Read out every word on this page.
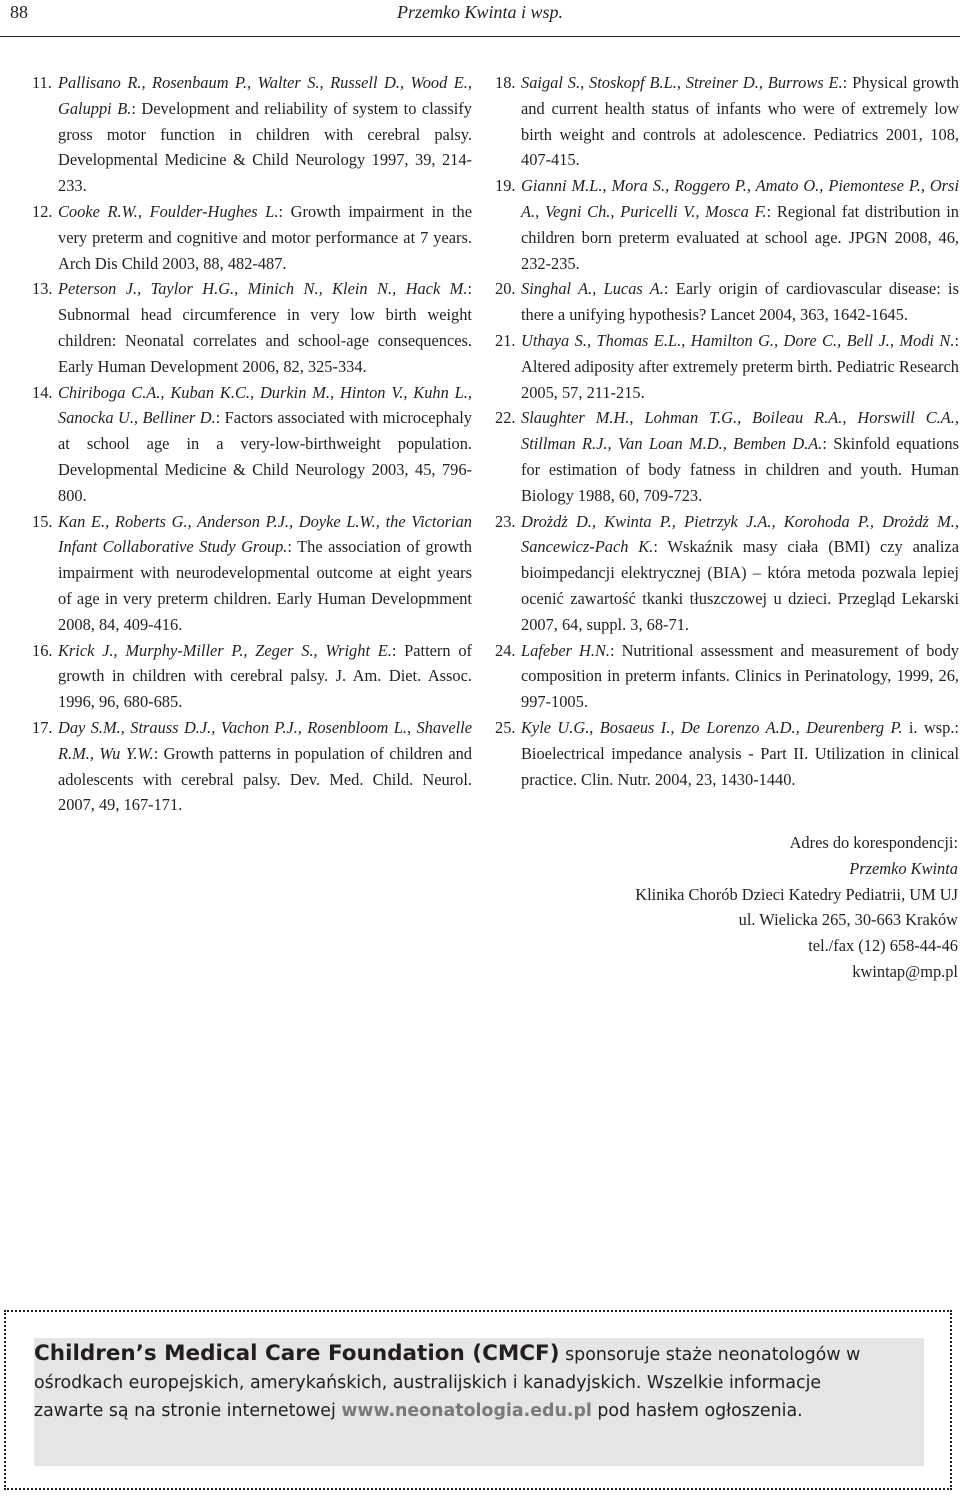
88	Przemko Kwinta i wsp.
11. Pallisano R., Rosenbaum P., Walter S., Russell D., Wood E., Galuppi B.: Development and reliability of system to classify gross motor function in children with cerebral palsy. Developmental Medicine & Child Neurology 1997, 39, 214-233.
12. Cooke R.W., Foulder-Hughes L.: Growth impairment in the very preterm and cognitive and motor performance at 7 years. Arch Dis Child 2003, 88, 482-487.
13. Peterson J., Taylor H.G., Minich N., Klein N., Hack M.: Subnormal head circumference in very low birth weight children: Neonatal correlates and school-age consequences. Early Human Development 2006, 82, 325-334.
14. Chiriboga C.A., Kuban K.C., Durkin M., Hinton V., Kuhn L., Sanocka U., Belliner D.: Factors associated with microcephaly at school age in a very-low-birthweight population. Developmental Medicine & Child Neurology 2003, 45, 796-800.
15. Kan E., Roberts G., Anderson P.J., Doyke L.W., the Victorian Infant Collaborative Study Group.: The association of growth impairment with neurodevelopmental outcome at eight years of age in very preterm children. Early Human Developmment 2008, 84, 409-416.
16. Krick J., Murphy-Miller P., Zeger S., Wright E.: Pattern of growth in children with cerebral palsy. J. Am. Diet. Assoc. 1996, 96, 680-685.
17. Day S.M., Strauss D.J., Vachon P.J., Rosenbloom L., Shavelle R.M., Wu Y.W.: Growth patterns in population of children and adolescents with cerebral palsy. Dev. Med. Child. Neurol. 2007, 49, 167-171.
18. Saigal S., Stoskopf B.L., Streiner D., Burrows E.: Physical growth and current health status of infants who were of extremely low birth weight and controls at adolescence. Pediatrics 2001, 108, 407-415.
19. Gianni M.L., Mora S., Roggero P., Amato O., Piemontese P., Orsi A., Vegni Ch., Puricelli V., Mosca F.: Regional fat distribution in children born preterm evaluated at school age. JPGN 2008, 46, 232-235.
20. Singhal A., Lucas A.: Early origin of cardiovascular disease: is there a unifying hypothesis? Lancet 2004, 363, 1642-1645.
21. Uthaya S., Thomas E.L., Hamilton G., Dore C., Bell J., Modi N.: Altered adiposity after extremely preterm birth. Pediatric Research 2005, 57, 211-215.
22. Slaughter M.H., Lohman T.G., Boileau R.A., Horswill C.A., Stillman R.J., Van Loan M.D., Bemben D.A.: Skinfold equations for estimation of body fatness in children and youth. Human Biology 1988, 60, 709-723.
23. Drożdż D., Kwinta P., Pietrzyk J.A., Korohoda P., Drożdż M., Sancewicz-Pach K.: Wskaźnik masy ciała (BMI) czy analiza bioimpedancji elektrycznej (BIA) – która metoda pozwala lepiej ocenić zawartość tkanki tłuszczowej u dzieci. Przegląd Lekarski 2007, 64, suppl. 3, 68-71.
24. Lafeber H.N.: Nutritional assessment and measurement of body composition in preterm infants. Clinics in Perinatology, 1999, 26, 997-1005.
25. Kyle U.G., Bosaeus I., De Lorenzo A.D., Deurenberg P. i. wsp.: Bioelectrical impedance analysis - Part II. Utilization in clinical practice. Clin. Nutr. 2004, 23, 1430-1440.
Adres do korespondencji:
Przemko Kwinta
Klinika Chorób Dzieci Katedry Pediatrii, UM UJ
ul. Wielicka 265, 30-663 Kraków
tel./fax (12) 658-44-46
kwintap@mp.pl
Children’s Medical Care Foundation (CMCF) sponsoruje staże neonatologów w ośrodkach europejskich, amerykańskich, australijskich i kanadyjskich. Wszelkie informacje zawarte są na stronie internetowej www.neonatologia.edu.pl pod hasłem ogłoszenia.
